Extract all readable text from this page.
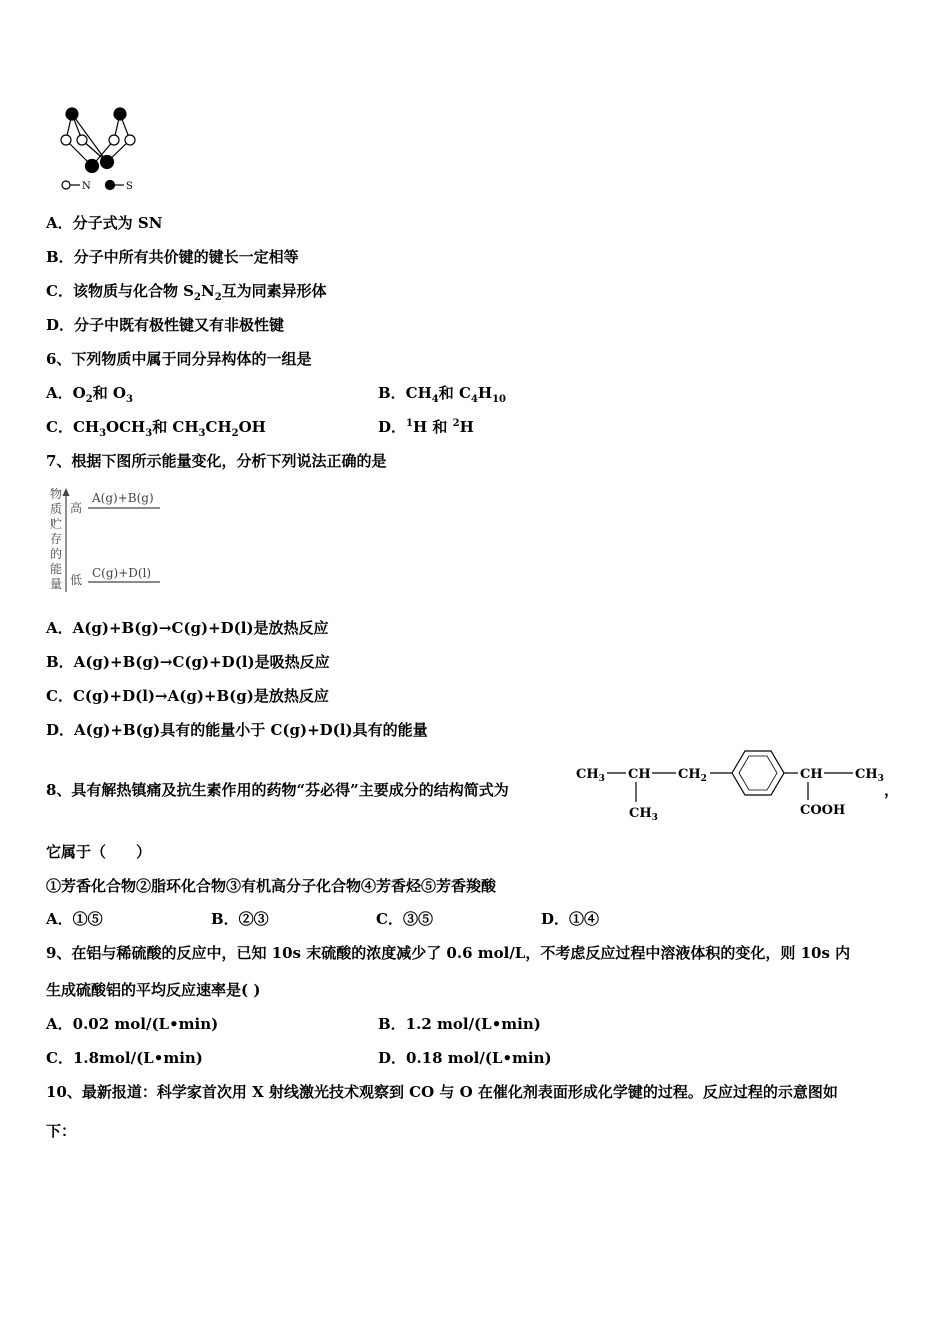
N	S
A．分子式为 SN
B．分子中所有共价键的键长一定相等
C．该物质与化合物 $S_2N_2$互为同素异形体
D．分子中既有极性键又有非极性键
6、下列物质中属于同分异构体的一组是
A．$O_2$和 $O_3$	B．$CH_4$和 $C_4H_{10}$
C．$CH_3OCH_3$和 $CH_3CH_2OH$	D．$^1$H 和 $^2$H
7、根据下图所示能量变化，分析下列说法正确的是
物
质
贮
存
的
能
量
高
低
A(g)+B(g)
C(g)+D(l)
A．A(g)+B(g)→C(g)+D(l)是放热反应
B．A(g)+B(g)→C(g)+D(l)是吸热反应
C．C(g)+D(l)→A(g)+B(g)是放热反应
D．A(g)+B(g)具有的能量小于 C(g)+D(l)具有的能量
8、具有解热镇痛及抗生素作用的药物“芬必得”主要成分的结构简式为
$CH_3$ CH $CH_2$
$CH_3$
CH $CH_3$
COOH
，
它属于（　　）
①芳香化合物②脂环化合物③有机高分子化合物④芳香烃⑤芳香羧酸
A．①⑤	B．②③	C．③⑤	D．①④
9、在铝与稀硫酸的反应中，已知 10s 末硫酸的浓度减少了 0.6 mol/L，不考虑反应过程中溶液体积的变化，则 10s 内
生成硫酸铝的平均反应速率是( )
A．0.02 mol/(L•min)	B．1.2 mol/(L•min)
C．1.8mol/(L•min)	D．0.18 mol/(L•min)
10、最新报道：科学家首次用 X 射线激光技术观察到 CO 与 O 在催化剂表面形成化学键的过程。反应过程的示意图如
下：
